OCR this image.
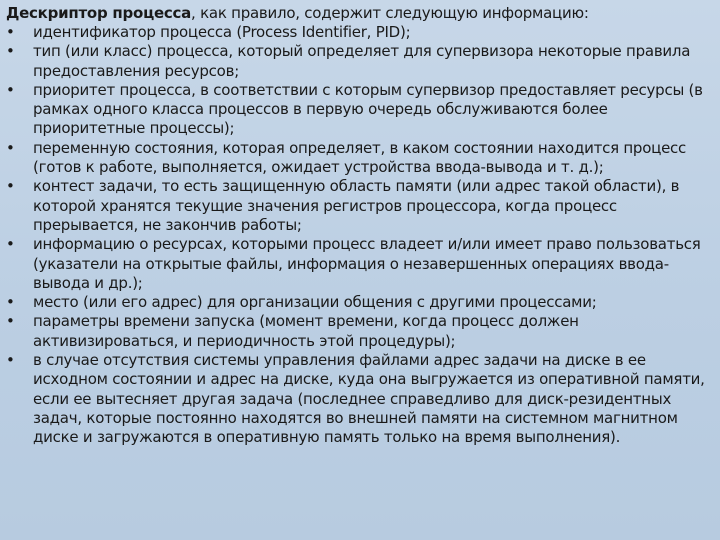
Дескриптор процесса, как правило, содержит следующую информацию:

• идентификатор процесса (Process Identifier, PID);
• тип (или класс) процесса, который определяет для супервизора некоторые правила предоставления ресурсов;
• приоритет процесса, в соответствии с которым супервизор предоставляет ресурсы (в рамках одного класса процессов в первую очередь обслуживаются более приоритетные процессы);
• переменную состояния, которая определяет, в каком состоянии находится процесс (готов к работе, выполняется, ожидает устройства ввода-вывода и т. д.);
• контест задачи, то есть защищенную область памяти (или адрес такой области), в которой хранятся текущие значения регистров процессора, когда процесс прерывается, не закончив работы;
• информацию о ресурсах, которыми процесс владеет и/или имеет право пользоваться (указатели на открытые файлы, информация о незавершенных операциях ввода-вывода и др.);
• место (или его адрес) для организации общения с другими процессами;
• параметры времени запуска (момент времени, когда процесс должен активизироваться, и периодичность этой процедуры);
• в случае отсутствия системы управления файлами адрес задачи на диске в ее исходном состоянии и адрес на диске, куда она выгружается из оперативной памяти, если ее вытесняет другая задача (последнее справедливо для диск-резидентных задач, которые постоянно находятся во внешней памяти на системном магнитном диске и загружаются в оперативную память только на время выполнения).
